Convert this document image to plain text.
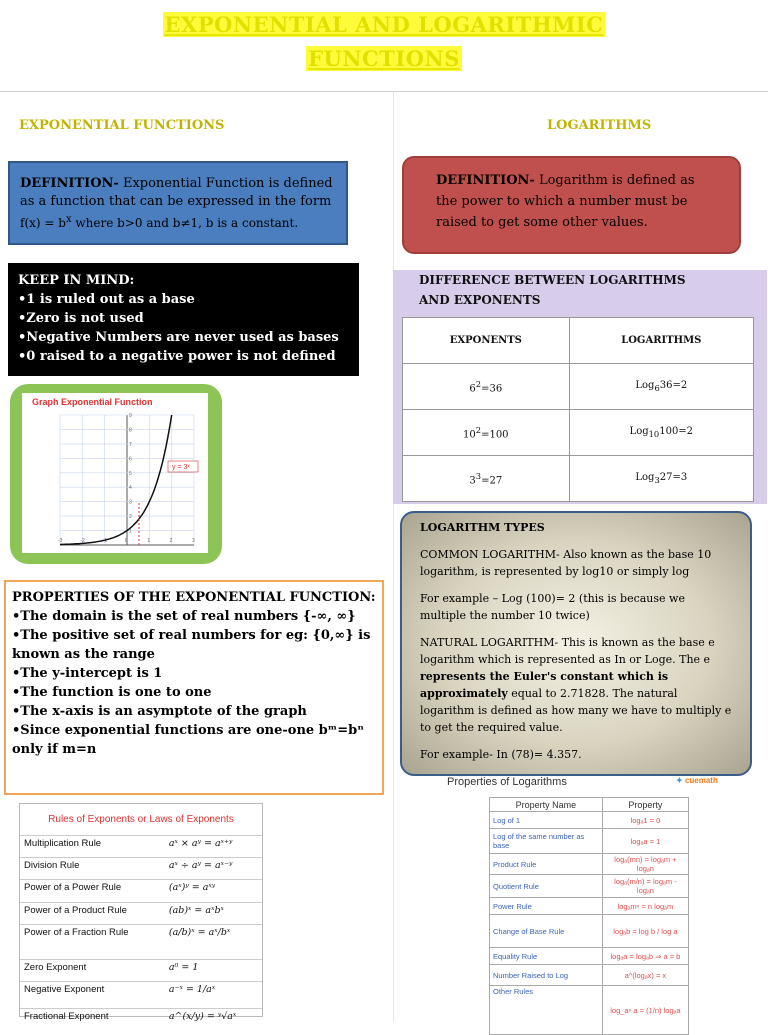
EXPONENTIAL AND LOGARITHMIC
FUNCTIONS
EXPONENTIAL FUNCTIONS	LOGARITHMS
DEFINITION- Exponential Function is defined as a function that can be expressed in the form
$f(x) = b^x$ where b>0 and b≠1, b is a constant.
DEFINITION- Logarithm is defined as the power to which a number must be raised to get some other values.
KEEP IN MIND:
•1 is ruled out as a base
•Zero is not used
•Negative Numbers are never used as bases
•0 raised to a negative power is not defined
DIFFERENCE BETWEEN LOGARITHMS
AND EXPONENTS
EXPONENTS	LOGARITHMS
$6^2=36$	Log$_6$36=2
$10^2=100$	Log$_{10}$100=2
$3^3=27$	Log$_3$27=3
Graph Exponential Function
-3	-2	-1	0	1	2	3
1
2
3
4
5
6
7
8
9
y = 3ˣ
PROPERTIES OF THE EXPONENTIAL FUNCTION:
•The domain is the set of real numbers {-∞, ∞}
•The positive set of real numbers for eg: {0,∞} is known as the range
•The y-intercept is 1
•The function is one to one
•The x-axis is an asymptote of the graph
•Since exponential functions are one-one bᵐ=bⁿ only if m=n

LOGARITHM TYPES

COMMON LOGARITHM- Also known as the base 10 logarithm, is represented by log10 or simply log

For example – Log (100)= 2 (this is because we multiple the number 10 twice)

NATURAL LOGARITHM- This is known as the base e logarithm which is represented as In or Loge. The e represents the Euler's constant which is approximately equal to 2.71828. The natural logarithm is defined as how many we have to multiply e to get the required value.

For example- In (78)= 4.357.

Rules of Exponents or Laws of Exponents
Multiplication Rule	aˣ × aʸ = aˣ⁺ʸ
Division Rule	aˣ ÷ aʸ = aˣ⁻ʸ
Power of a Power Rule	(aˣ)ʸ = aˣʸ
Power of a Product Rule	(ab)ˣ = aˣbˣ
Power of a Fraction Rule	(a/b)ˣ = aˣ/bˣ
Zero Exponent	a⁰ = 1
Negative Exponent	a⁻ˣ = 1/aˣ
Fractional Exponent	a^(x/y) = ʸ√aˣ
Properties of Logarithms	✦ cuemath
Property Name	Property
Log of 1	logₐ1 = 0
Log of the same number as base	logₐa = 1
Product Rule	logₐ(mn) = logₐm + logₐn
Quotient Rule	logₐ(m/n) = logₐm - logₐn
Power Rule	logₐmⁿ = n logₐm
Change of Base Rule	logₐb = log b / log a
Equality Rule	logₐa = logₐb ⇒ a = b
Number Raised to Log	a^(logₐx) = x
Other Rules	log_aⁿ a = (1/n) logₐa
